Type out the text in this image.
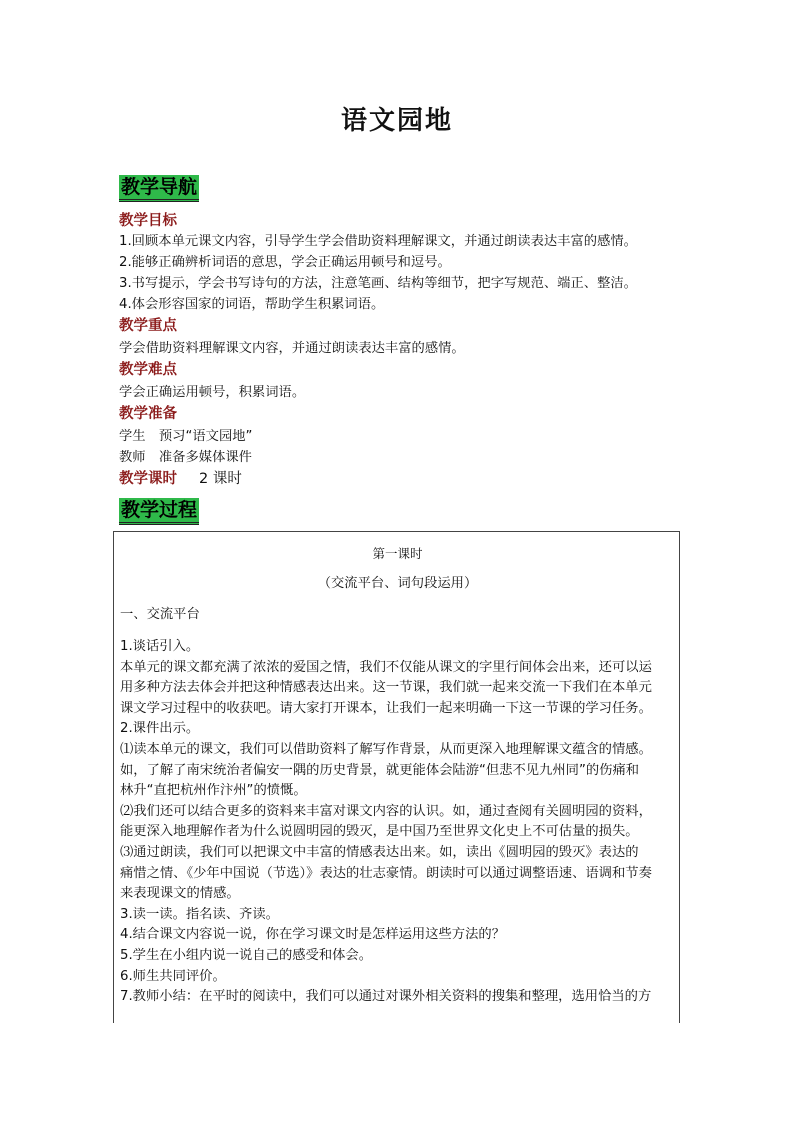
语文园地
教学导航
教学目标
1.回顾本单元课文内容，引导学生学会借助资料理解课文，并通过朗读表达丰富的感情。
2.能够正确辨析词语的意思，学会正确运用顿号和逗号。
3.书写提示，学会书写诗句的方法，注意笔画、结构等细节，把字写规范、端正、整洁。
4.体会形容国家的词语，帮助学生积累词语。
教学重点
学会借助资料理解课文内容，并通过朗读表达丰富的感情。
教学难点
学会正确运用顿号，积累词语。
教学准备
学生　预习“语文园地”
教师　准备多媒体课件
教学课时 2 课时
教学过程
第一课时
（交流平台、词句段运用）
一、交流平台
1.谈话引入。
本单元的课文都充满了浓浓的爱国之情，我们不仅能从课文的字里行间体会出来，还可以运
用多种方法去体会并把这种情感表达出来。这一节课，我们就一起来交流一下我们在本单元
课文学习过程中的收获吧。请大家打开课本，让我们一起来明确一下这一节课的学习任务。
2.课件出示。
⑴读本单元的课文，我们可以借助资料了解写作背景，从而更深入地理解课文蕴含的情感。
如，了解了南宋统治者偏安一隅的历史背景，就更能体会陆游“但悲不见九州同”的伤痛和
林升“直把杭州作汴州”的愤慨。
⑵我们还可以结合更多的资料来丰富对课文内容的认识。如，通过查阅有关圆明园的资料，
能更深入地理解作者为什么说圆明园的毁灭，是中国乃至世界文化史上不可估量的损失。
⑶通过朗读，我们可以把课文中丰富的情感表达出来。如，读出《圆明园的毁灭》表达的
痛惜之情、《少年中国说（节选）》表达的壮志豪情。朗读时可以通过调整语速、语调和节奏
来表现课文的情感。
3.读一读。指名读、齐读。
4.结合课文内容说一说，你在学习课文时是怎样运用这些方法的？
5.学生在小组内说一说自己的感受和体会。
6.师生共同评价。
7.教师小结：在平时的阅读中，我们可以通过对课外相关资料的搜集和整理，选用恰当的方
